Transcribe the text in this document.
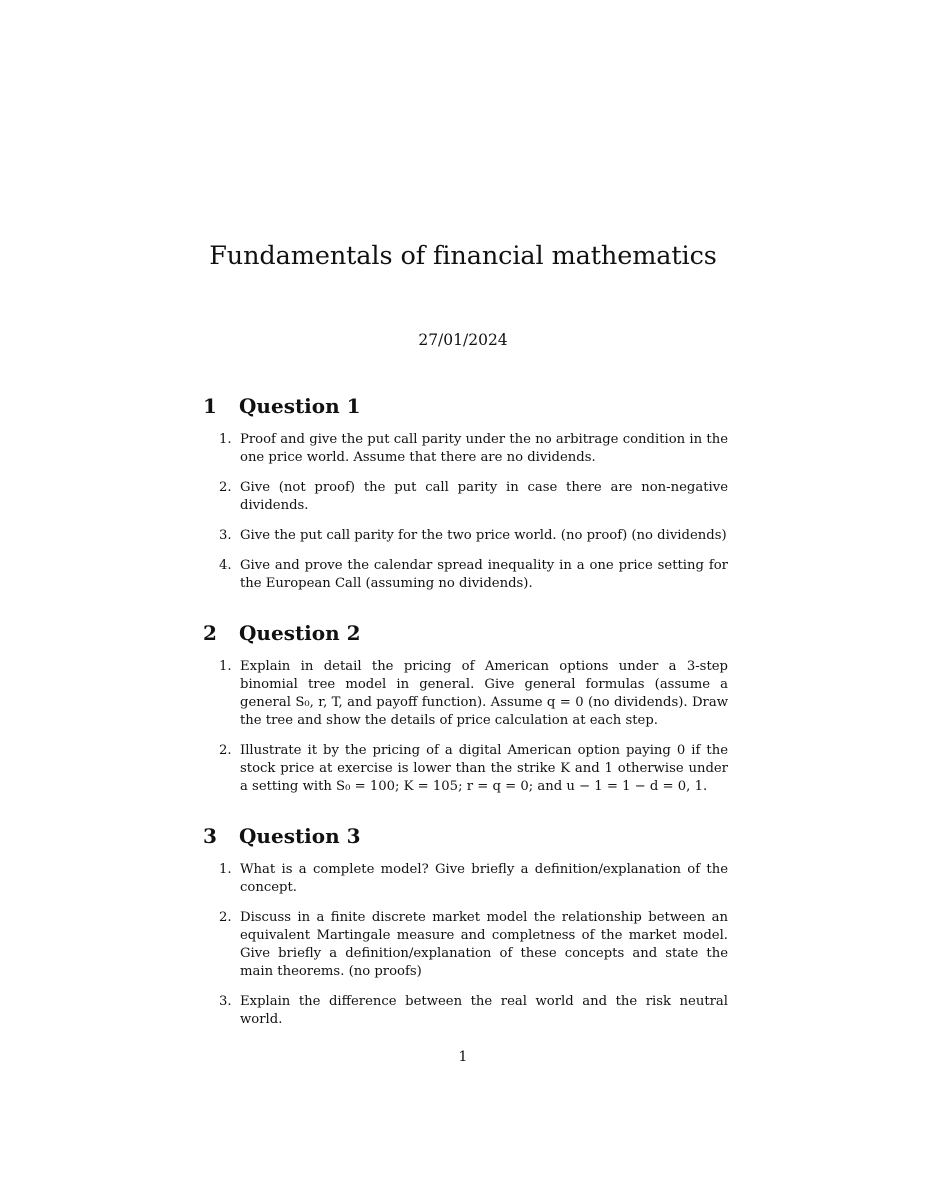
Fundamentals of financial mathematics

27/01/2024

1 Question 1
1. Proof and give the put call parity under the no arbitrage condition in the one price world. Assume that there are no dividends.
2. Give (not proof) the put call parity in case there are non-negative dividends.
3. Give the put call parity for the two price world. (no proof) (no dividends)
4. Give and prove the calendar spread inequality in a one price setting for the European Call (assuming no dividends).
2 Question 2
1. Explain in detail the pricing of American options under a 3-step binomial tree model in general. Give general formulas (assume a general S₀, r, T, and payoff function). Assume q = 0 (no dividends). Draw the tree and show the details of price calculation at each step.
2. Illustrate it by the pricing of a digital American option paying 0 if the stock price at exercise is lower than the strike K and 1 otherwise under a setting with S₀ = 100; K = 105; r = q = 0; and u − 1 = 1 − d = 0, 1.
3 Question 3
1. What is a complete model? Give briefly a definition/explanation of the concept.
2. Discuss in a finite discrete market model the relationship between an equivalent Martingale measure and completness of the market model. Give briefly a definition/explanation of these concepts and state the main theorems. (no proofs)
3. Explain the difference between the real world and the risk neutral world.

1
